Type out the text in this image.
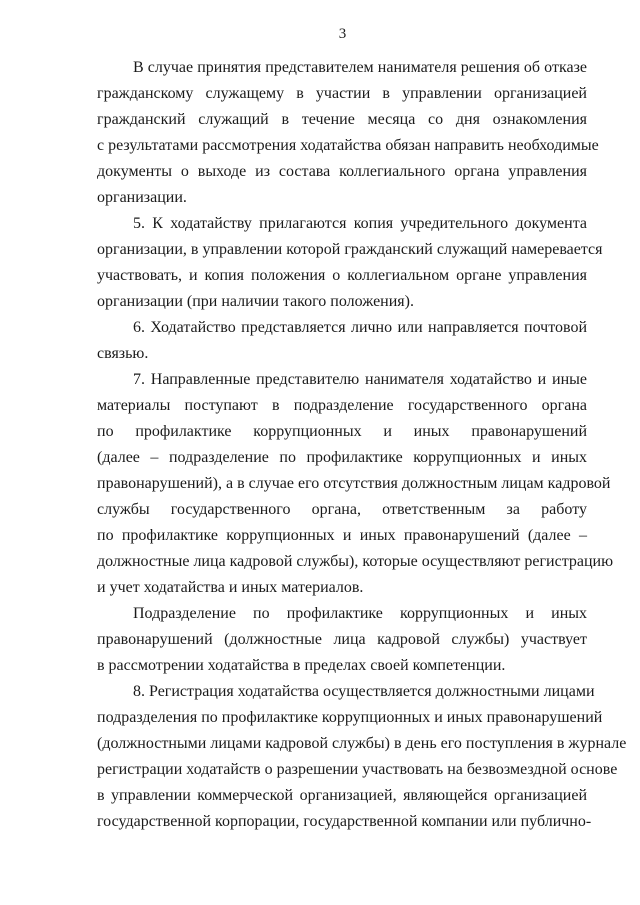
3
В случае принятия представителем нанимателя решения об отказе
гражданскому служащему в участии в управлении организацией
гражданский служащий в течение месяца со дня ознакомления
с результатами рассмотрения ходатайства обязан направить необходимые
документы о выходе из состава коллегиального органа управления
организации.
5. К ходатайству прилагаются копия учредительного документа
организации, в управлении которой гражданский служащий намеревается
участвовать, и копия положения о коллегиальном органе управления
организации (при наличии такого положения).
6. Ходатайство представляется лично или направляется почтовой
связью.
7. Направленные представителю нанимателя ходатайство и иные
материалы поступают в подразделение государственного органа
по профилактике коррупционных и иных правонарушений
(далее – подразделение по профилактике коррупционных и иных
правонарушений), а в случае его отсутствия должностным лицам кадровой
службы государственного органа, ответственным за работу
по профилактике коррупционных и иных правонарушений (далее –
должностные лица кадровой службы), которые осуществляют регистрацию
и учет ходатайства и иных материалов.
Подразделение по профилактике коррупционных и иных
правонарушений (должностные лица кадровой службы) участвует
в рассмотрении ходатайства в пределах своей компетенции.
8. Регистрация ходатайства осуществляется должностными лицами
подразделения по профилактике коррупционных и иных правонарушений
(должностными лицами кадровой службы) в день его поступления в журнале
регистрации ходатайств о разрешении участвовать на безвозмездной основе
в управлении коммерческой организацией, являющейся организацией
государственной корпорации, государственной компании или публично-
